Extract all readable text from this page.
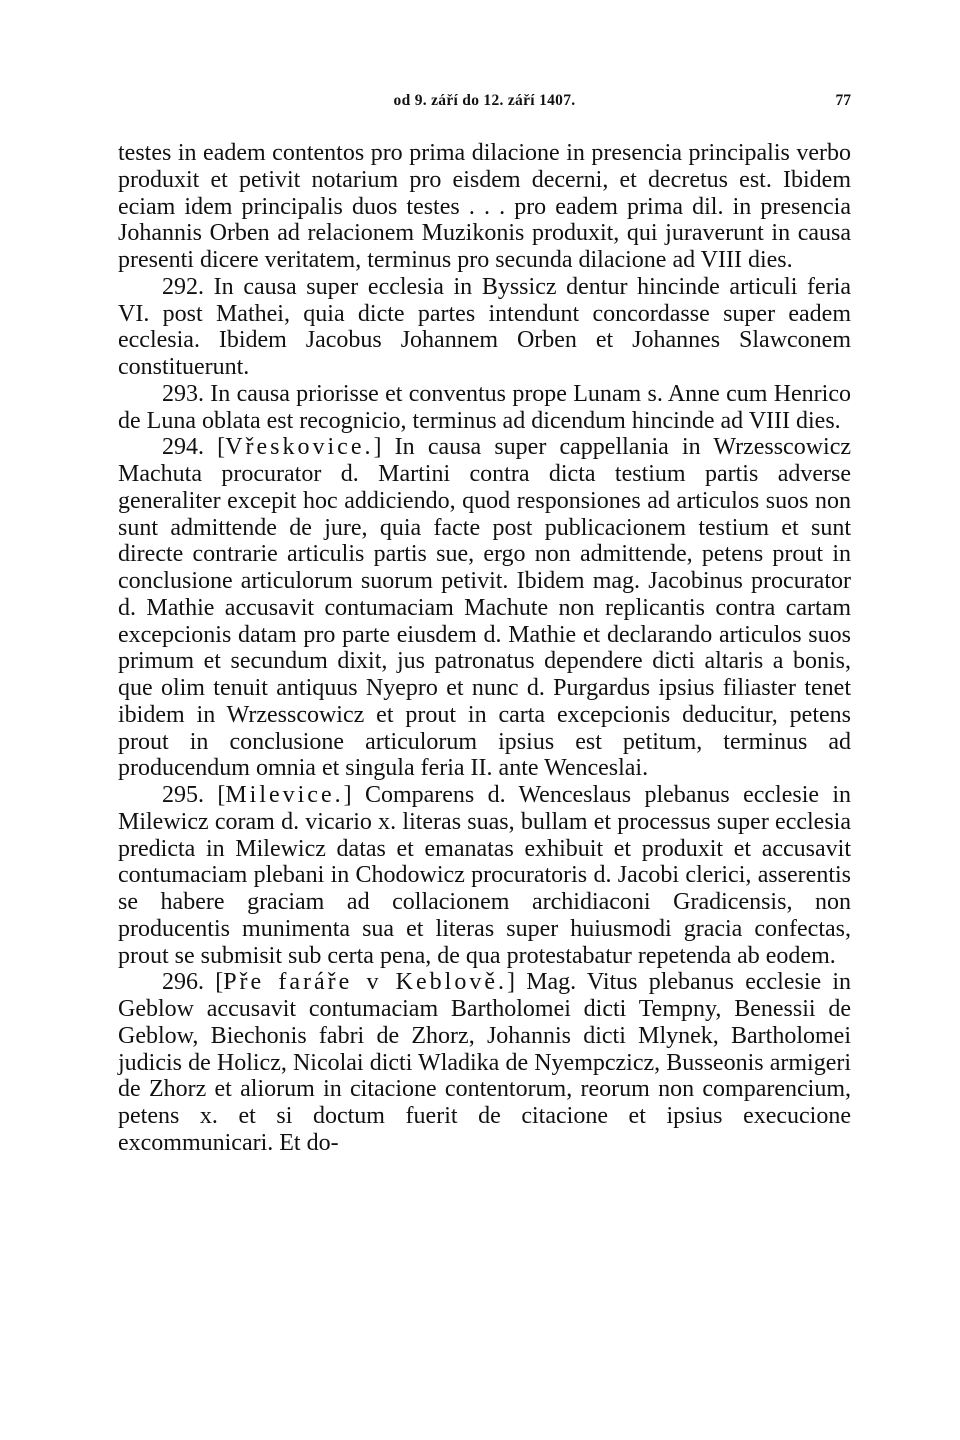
od 9. září do 12. září 1407.	77

testes in eadem contentos pro prima dilacione in presencia principalis verbo produxit et petivit notarium pro eisdem decerni, et decretus est. Ibidem eciam idem principalis duos testes . . . pro eadem prima dil. in presencia Johannis Orben ad relacionem Muzikonis produxit, qui juraverunt in causa presenti dicere veritatem, terminus pro secunda dilacione ad VIII dies.

292. In causa super ecclesia in Byssicz dentur hincinde articuli feria VI. post Mathei, quia dicte partes intendunt concordasse super eadem ecclesia. Ibidem Jacobus Johannem Orben et Johannes Slawconem constituerunt.

293. In causa priorisse et conventus prope Lunam s. Anne cum Henrico de Luna oblata est recognicio, terminus ad dicendum hincinde ad VIII dies.

294. [Vřeskovice.] In causa super cappellania in Wrzesscowicz Machuta procurator d. Martini contra dicta testium partis adverse generaliter excepit hoc addiciendo, quod responsiones ad articulos suos non sunt admittende de jure, quia facte post publicacionem testium et sunt directe contrarie articulis partis sue, ergo non admittende, petens prout in conclusione articulorum suorum petivit. Ibidem mag. Jacobinus procurator d. Mathie accusavit contumaciam Machute non replicantis contra cartam excepcionis datam pro parte eiusdem d. Mathie et declarando articulos suos primum et secundum dixit, jus patronatus dependere dicti altaris a bonis, que olim tenuit antiquus Nyepro et nunc d. Purgardus ipsius filiaster tenet ibidem in Wrzesscowicz et prout in carta excepcionis deducitur, petens prout in conclusione articulorum ipsius est petitum, terminus ad producendum omnia et singula feria II. ante Wenceslai.

295. [Milevice.] Comparens d. Wenceslaus plebanus ecclesie in Milewicz coram d. vicario x. literas suas, bullam et processus super ecclesia predicta in Milewicz datas et emanatas exhibuit et produxit et accusavit contumaciam plebani in Chodowicz procuratoris d. Jacobi clerici, asserentis se habere graciam ad collacionem archidiaconi Gradicensis, non producentis munimenta sua et literas super huiusmodi gracia confectas, prout se submisit sub certa pena, de qua protestabatur repetenda ab eodem.

296. [Pře faráře v Keblově.] Mag. Vitus plebanus ecclesie in Geblow accusavit contumaciam Bartholomei dicti Tempny, Benessii de Geblow, Biechonis fabri de Zhorz, Johannis dicti Mlynek, Bartholomei judicis de Holicz, Nicolai dicti Wladika de Nyempczicz, Busseonis armigeri de Zhorz et aliorum in citacione contentorum, reorum non comparencium, petens x. et si doctum fuerit de citacione et ipsius execucione excommunicari. Et do-
